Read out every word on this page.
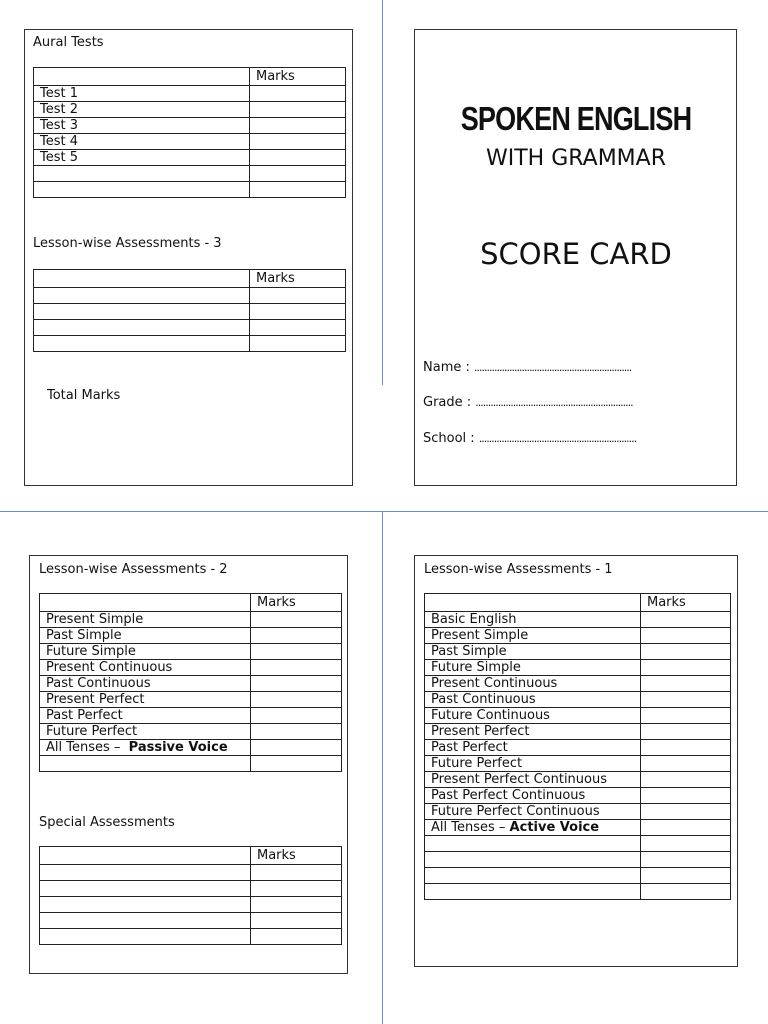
Aural Tests
	Marks
Test 1	
Test 2	
Test 3	
Test 4	
Test 5	

Lesson-wise Assessments - 3
	Marks

Total Marks
SPOKEN ENGLISH
WITH GRAMMAR
SCORE CARD
Name : ...............................................................
Grade : ...............................................................
School : ...............................................................
Lesson-wise Assessments - 2
	Marks
Present Simple	
Past Simple	
Future Simple	
Present Continuous	
Past Continuous	
Present Perfect	
Past Perfect	
Future Perfect	
All Tenses – Passive Voice	

Special Assessments
	Marks

Lesson-wise Assessments - 1
	Marks
Basic English	
Present Simple	
Past Simple	
Future Simple	
Present Continuous	
Past Continuous	
Future Continuous	
Present Perfect	
Past Perfect	
Future Perfect	
Present Perfect Continuous	
Past Perfect Continuous	
Future Perfect Continuous	
All Tenses – Active Voice	
